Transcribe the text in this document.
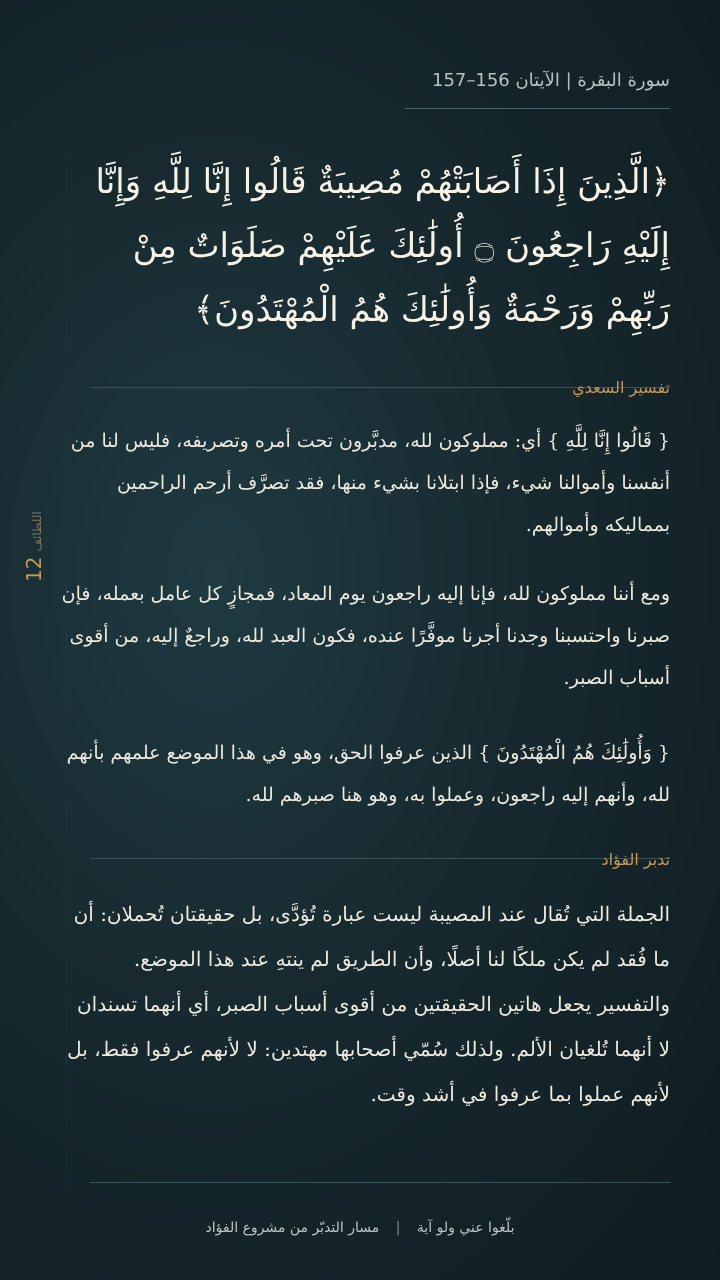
سورة البقرة | الآيتان 156–157
﴿الَّذِينَ إِذَا أَصَابَتْهُمْ مُصِيبَةٌ قَالُوا إِنَّا لِلَّهِ وَإِنَّا إِلَيْهِ رَاجِعُونَ ۝ أُولَٰئِكَ عَلَيْهِمْ صَلَوَاتٌ مِنْ رَبِّهِمْ وَرَحْمَةٌ وَأُولَٰئِكَ هُمُ الْمُهْتَدُونَ﴾
تفسير السعدي
{ قَالُوا إِنَّا لِلَّهِ } أي: مملوكون لله، مدبَّرون تحت أمره وتصريفه، فليس لنا من أنفسنا وأموالنا شيء، فإذا ابتلانا بشيء منها، فقد تصرَّف أرحم الراحمين بمماليكه وأموالهم.
ومع أننا مملوكون لله، فإنا إليه راجعون يوم المعاد، فمجازٍ كل عامل بعمله، فإن صبرنا واحتسبنا وجدنا أجرنا موفَّرًا عنده، فكون العبد لله، وراجعٌ إليه، من أقوى أسباب الصبر.
{ وَأُولَٰئِكَ هُمُ الْمُهْتَدُونَ } الذين عرفوا الحق، وهو في هذا الموضع علمهم بأنهم لله، وأنهم إليه راجعون، وعملوا به، وهو هنا صبرهم لله.
تدبر الفؤاد
الجملة التي تُقال عند المصيبة ليست عبارة تُؤدَّى، بل حقيقتان تُحملان: أن ما فُقد لم يكن ملكًا لنا أصلًا، وأن الطريق لم ينتهِ عند هذا الموضع. والتفسير يجعل هاتين الحقيقتين من أقوى أسباب الصبر، أي أنهما تسندان لا أنهما تُلغيان الألم. ولذلك سُمّي أصحابها مهتدين: لا لأنهم عرفوا فقط، بل لأنهم عملوا بما عرفوا في أشد وقت.
اللطائف 12
بلّغوا عني ولو آية | مسار التدبّر من مشروع الفؤاد
